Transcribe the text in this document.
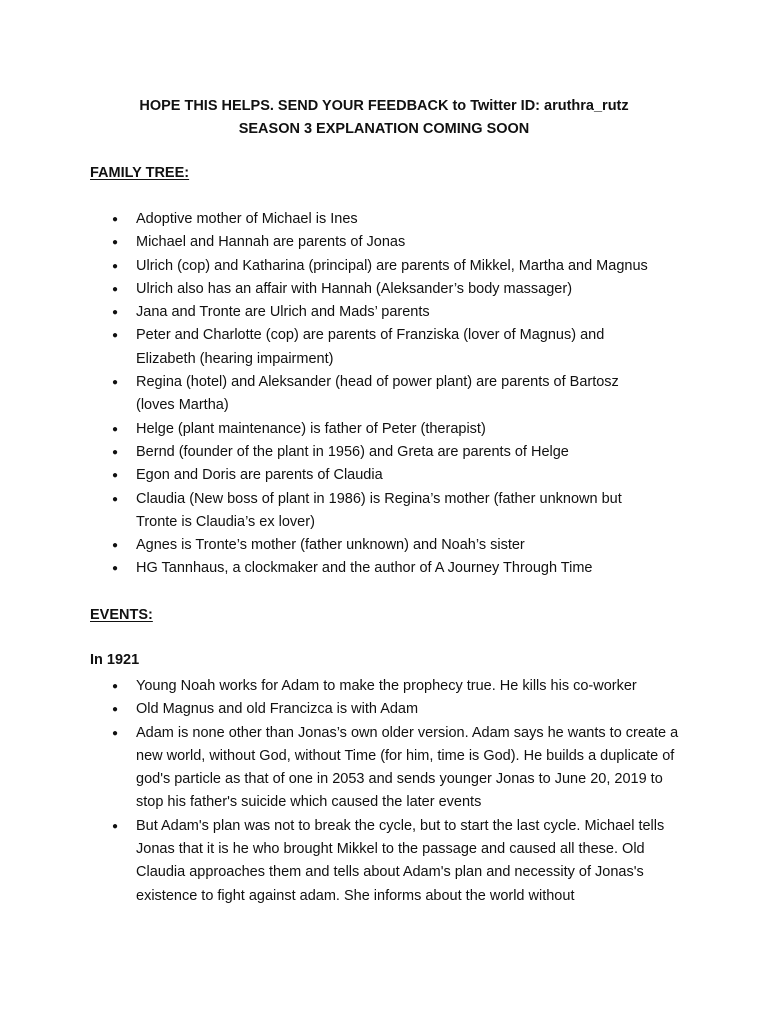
HOPE THIS HELPS. SEND YOUR FEEDBACK to Twitter ID: aruthra_rutz
SEASON 3 EXPLANATION COMING SOON
FAMILY TREE:
● Adoptive mother of Michael is Ines
● Michael and Hannah are parents of Jonas
● Ulrich (cop) and Katharina (principal) are parents of Mikkel, Martha and Magnus
● Ulrich also has an affair with Hannah (Aleksander’s body massager)
● Jana and Tronte are Ulrich and Mads’ parents
● Peter and Charlotte (cop) are parents of Franziska (lover of Magnus) and Elizabeth (hearing impairment)
● Regina (hotel) and Aleksander (head of power plant) are parents of Bartosz (loves Martha)
● Helge (plant maintenance) is father of Peter (therapist)
● Bernd (founder of the plant in 1956) and Greta are parents of Helge
● Egon and Doris are parents of Claudia
● Claudia (New boss of plant in 1986) is Regina’s mother (father unknown but Tronte is Claudia’s ex lover)
● Agnes is Tronte’s mother (father unknown) and Noah’s sister
● HG Tannhaus, a clockmaker and the author of A Journey Through Time
EVENTS:
In 1921
● Young Noah works for Adam to make the prophecy true. He kills his co-worker
● Old Magnus and old Francizca is with Adam
● Adam is none other than Jonas’s own older version. Adam says he wants to create a new world, without God, without Time (for him, time is God). He builds a duplicate of god's particle as that of one in 2053 and sends younger Jonas to June 20, 2019 to stop his father's suicide which caused the later events
● But Adam's plan was not to break the cycle, but to start the last cycle. Michael tells Jonas that it is he who brought Mikkel to the passage and caused all these. Old Claudia approaches them and tells about Adam's plan and necessity of Jonas's existence to fight against adam. She informs about the world without
